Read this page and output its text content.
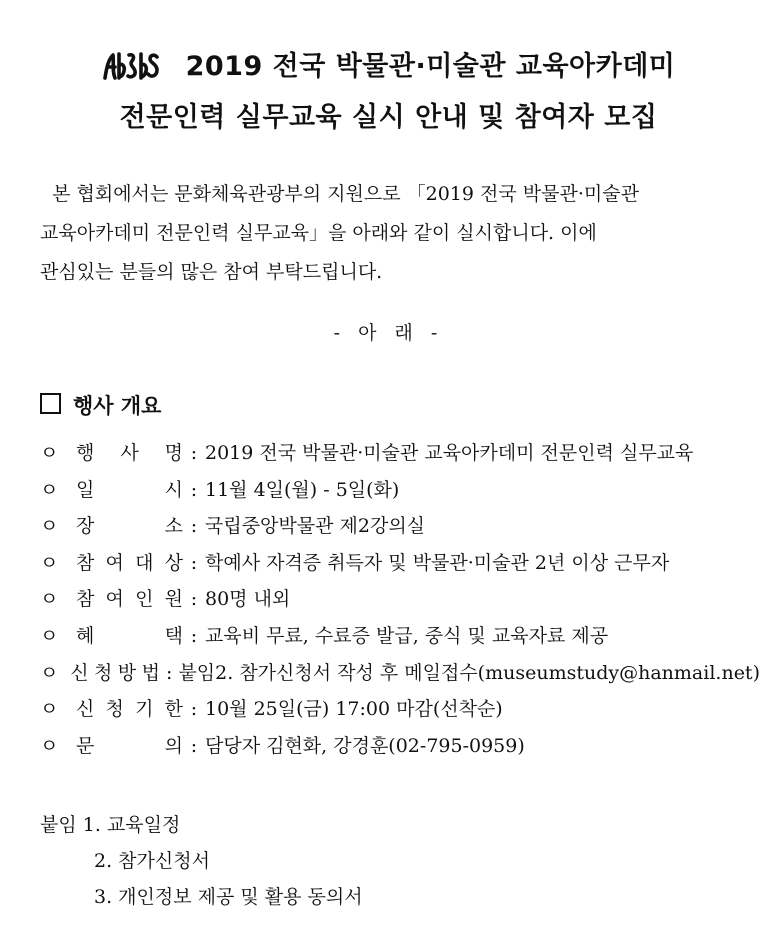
2019 전국 박물관·미술관 교육아카데미
전문인력 실무교육 실시 안내 및 참여자 모집

본 협회에서는 문화체육관광부의 지원으로 「2019 전국 박물관·미술관

교육아카데미 전문인력 실무교육」을 아래와 같이 실시합니다. 이에

관심있는 분들의 많은 참여 부탁드립니다.

- 아 래 -
행사 개요
ㅇ 행 사 명 : 2019 전국 박물관·미술관 교육아카데미 전문인력 실무교육
ㅇ 일	시 : 11월 4일(월) - 5일(화)
ㅇ 장	소 : 국립중앙박물관 제2강의실
ㅇ 참 여 대 상 : 학예사 자격증 취득자 및 박물관·미술관 2년 이상 근무자
ㅇ 참 여 인 원 : 80명 내외
ㅇ 혜	택 : 교육비 무료, 수료증 발급, 중식 및 교육자료 제공
ㅇ 신 청 방 법 : 붙임2. 참가신청서 작성 후 메일접수(museumstudy@hanmail.net)
ㅇ 신 청 기 한 : 10월 25일(금) 17:00 마감(선착순)
ㅇ 문	의 : 담당자 김현화, 강경훈(02-795-0959)
붙임 1. 교육일정
2. 참가신청서
3. 개인정보 제공 및 활용 동의서
